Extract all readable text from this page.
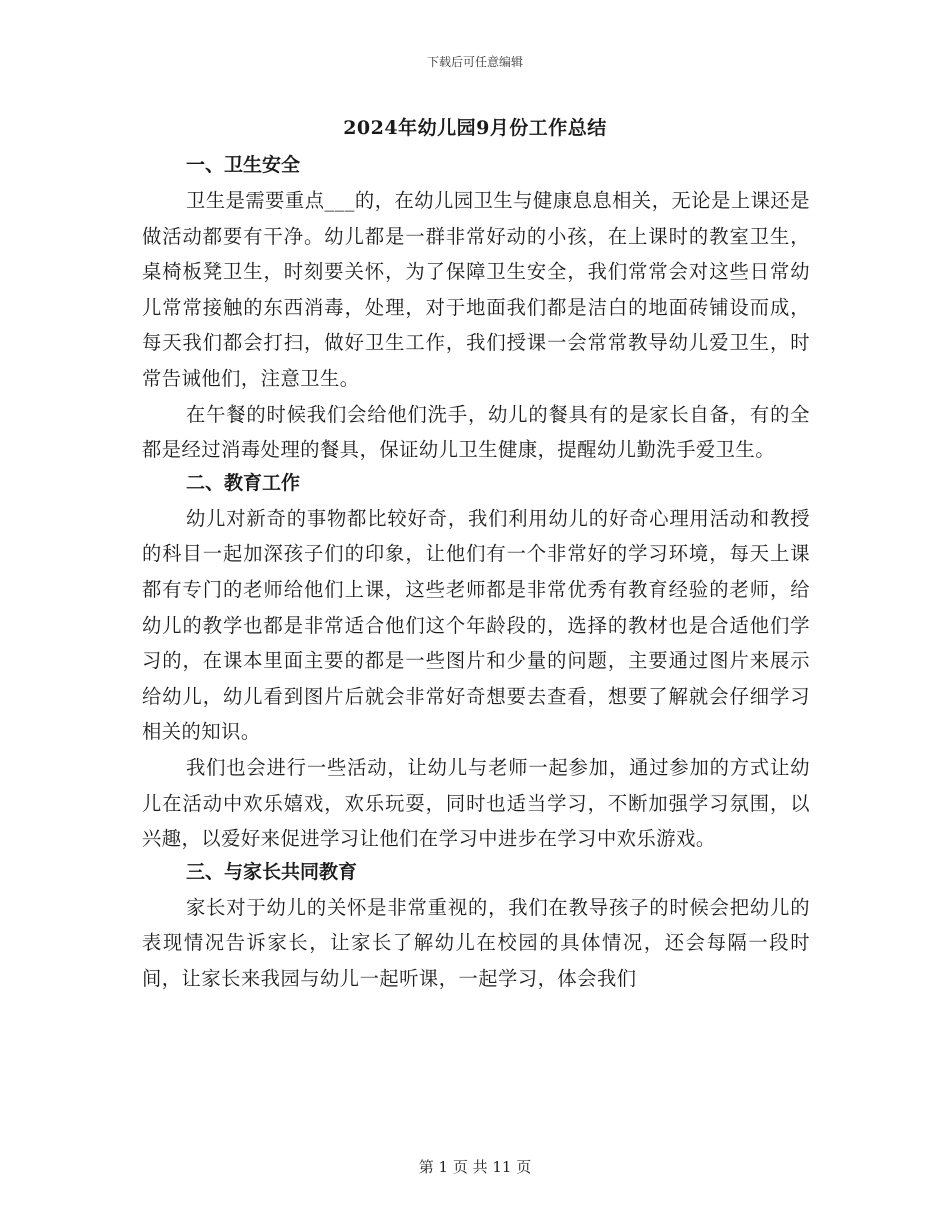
下载后可任意编辑
2024年幼儿园9月份工作总结
一、卫生安全

卫生是需要重点___的，在幼儿园卫生与健康息息相关，无论是上课还是做活动都要有干净。幼儿都是一群非常好动的小孩，在上课时的教室卫生，桌椅板凳卫生，时刻要关怀，为了保障卫生安全，我们常常会对这些日常幼儿常常接触的东西消毒，处理，对于地面我们都是洁白的地面砖铺设而成，每天我们都会打扫，做好卫生工作，我们授课一会常常教导幼儿爱卫生，时常告诫他们，注意卫生。

在午餐的时候我们会给他们洗手，幼儿的餐具有的是家长自备，有的全都是经过消毒处理的餐具，保证幼儿卫生健康，提醒幼儿勤洗手爱卫生。

二、教育工作

幼儿对新奇的事物都比较好奇，我们利用幼儿的好奇心理用活动和教授的科目一起加深孩子们的印象，让他们有一个非常好的学习环境，每天上课都有专门的老师给他们上课，这些老师都是非常优秀有教育经验的老师，给幼儿的教学也都是非常适合他们这个年龄段的，选择的教材也是合适他们学习的，在课本里面主要的都是一些图片和少量的问题，主要通过图片来展示给幼儿，幼儿看到图片后就会非常好奇想要去查看，想要了解就会仔细学习相关的知识。

我们也会进行一些活动，让幼儿与老师一起参加，通过参加的方式让幼儿在活动中欢乐嬉戏，欢乐玩耍，同时也适当学习，不断加强学习氛围，以兴趣，以爱好来促进学习让他们在学习中进步在学习中欢乐游戏。

三、与家长共同教育

家长对于幼儿的关怀是非常重视的，我们在教导孩子的时候会把幼儿的表现情况告诉家长，让家长了解幼儿在校园的具体情况，还会每隔一段时间，让家长来我园与幼儿一起听课，一起学习，体会我们

第 1 页 共 11 页
